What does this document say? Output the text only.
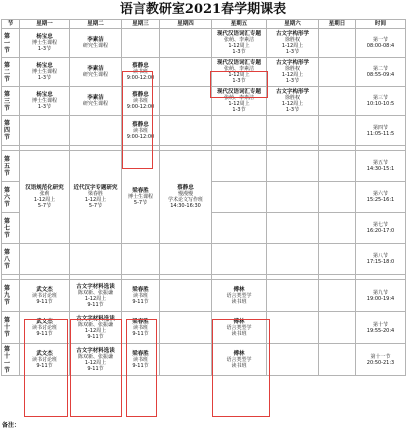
语言教研室2021春学期课表
节	星期一	星期二	星期三	星期四	星期五	星期六	星期日	时间
第
一
节	杨宝忠
博士生课程
1-3节	李素洁
研究生课程			现代汉语词汇专题
张萌、李素洁
1-12周上
1-3节	古文字构形学
徐胜权
1-12周上
1-3节		第一节
08:00-08:4
第
二
节	杨宝忠
博士生课程
1-3节	李素洁
研究生课程	蔡静忠
读书班
9:00-12:00		现代汉语词汇专题
张萌、李素洁
1-12周上
1-3节	古文字构形学
徐胜权
1-12周上
1-3节		第二节
08:55-09:4
第
三
节	杨宝忠
博士生课程
1-3节	李素洁
研究生课程	蔡静忠
读书班
9:00-12:00		现代汉语词汇专题
张萌、李素洁
1-12周上
1-3节	古文字构形学
徐胜权
1-12周上
1-3节		第三节
10:10-10:5
第
四
节			蔡静忠
读书班
9:00-12:00					第四节
11:05-11:5

第
五
节	汉语规范化研究
张莉
1-12周上
5-7节	近代汉字专题研究
梁春胜
1-12周上
5-7节	梁春胜
博士生课程
5-7节	蔡静忠
慢漫慢
学术论文写作班
14:30-16:30				第五节
14:30-15:1
第
六
节								第六节
15:25-16:1
第
七
节								第七节
16:20-17:0
第
八
节								第八节
17:15-18:0

第
九
节	武文杰
读书讨论班
9-11节	古文字材料选读
陈双新、张振谦
1-12周上
9-11节	梁春胜
读书班
9-11节		傅林
语言类型学
读书班			第九节
19:00-19:4
第
十
节	武文杰
读书讨论班
9-11节	古文字材料选读
陈双新、张振谦
1-12周上
9-11节	梁春胜
读书班
9-11节		傅林
语言类型学
读书班			第十节
19:55-20:4
第
十
一
节	武文杰
读书讨论班
9-11节	古文字材料选读
陈双新、张振谦
1-12周上
9-11节	梁春胜
读书班
9-11节		傅林
语言类型学
读书班			第十一节
20:50-21:3
备注：
